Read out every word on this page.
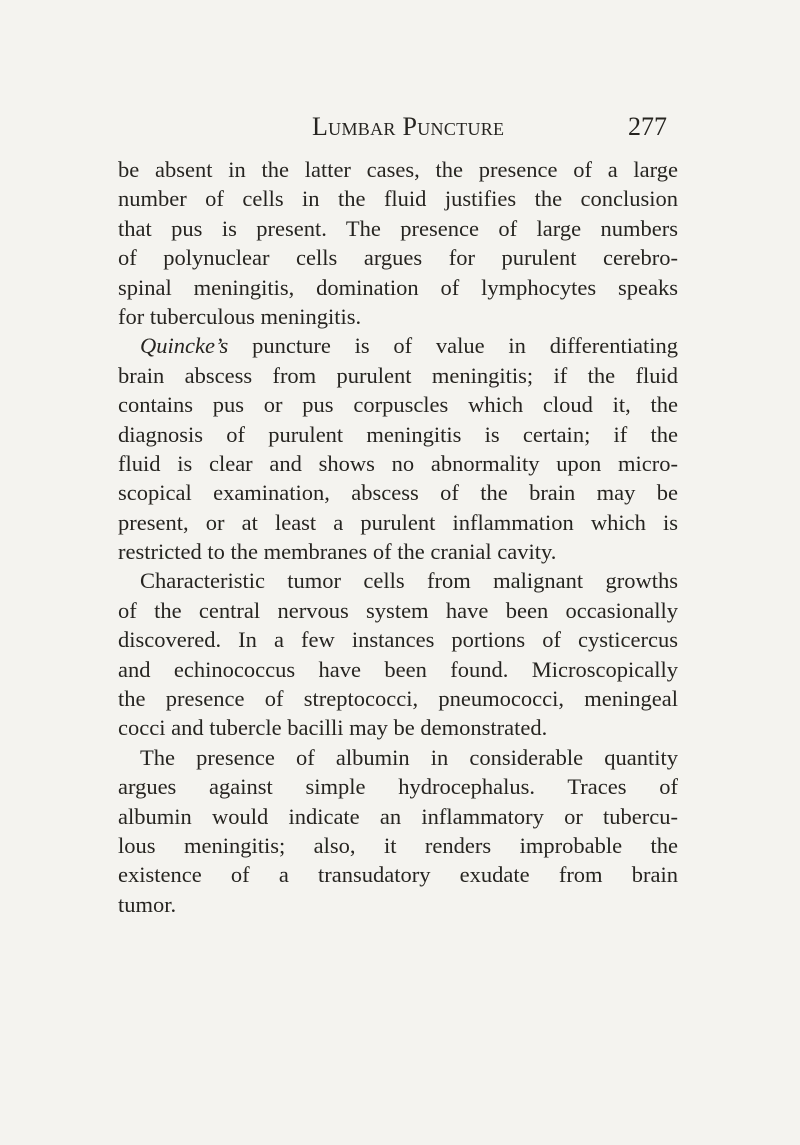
Lumbar Puncture	277
be absent in the latter cases, the presence of a large
number of cells in the fluid justifies the conclusion
that pus is present. The presence of large numbers
of polynuclear cells argues for purulent cerebro-
spinal meningitis, domination of lymphocytes speaks
for tuberculous meningitis.
Quincke’s puncture is of value in differentiating
brain abscess from purulent meningitis; if the fluid
contains pus or pus corpuscles which cloud it, the
diagnosis of purulent meningitis is certain; if the
fluid is clear and shows no abnormality upon micro-
scopical examination, abscess of the brain may be
present, or at least a purulent inflammation which is
restricted to the membranes of the cranial cavity.
Characteristic tumor cells from malignant growths
of the central nervous system have been occasionally
discovered. In a few instances portions of cysticercus
and echinococcus have been found. Microscopically
the presence of streptococci, pneumococci, meningeal
cocci and tubercle bacilli may be demonstrated.
The presence of albumin in considerable quantity
argues against simple hydrocephalus. Traces of
albumin would indicate an inflammatory or tubercu-
lous meningitis; also, it renders improbable the
existence of a transudatory exudate from brain
tumor.
